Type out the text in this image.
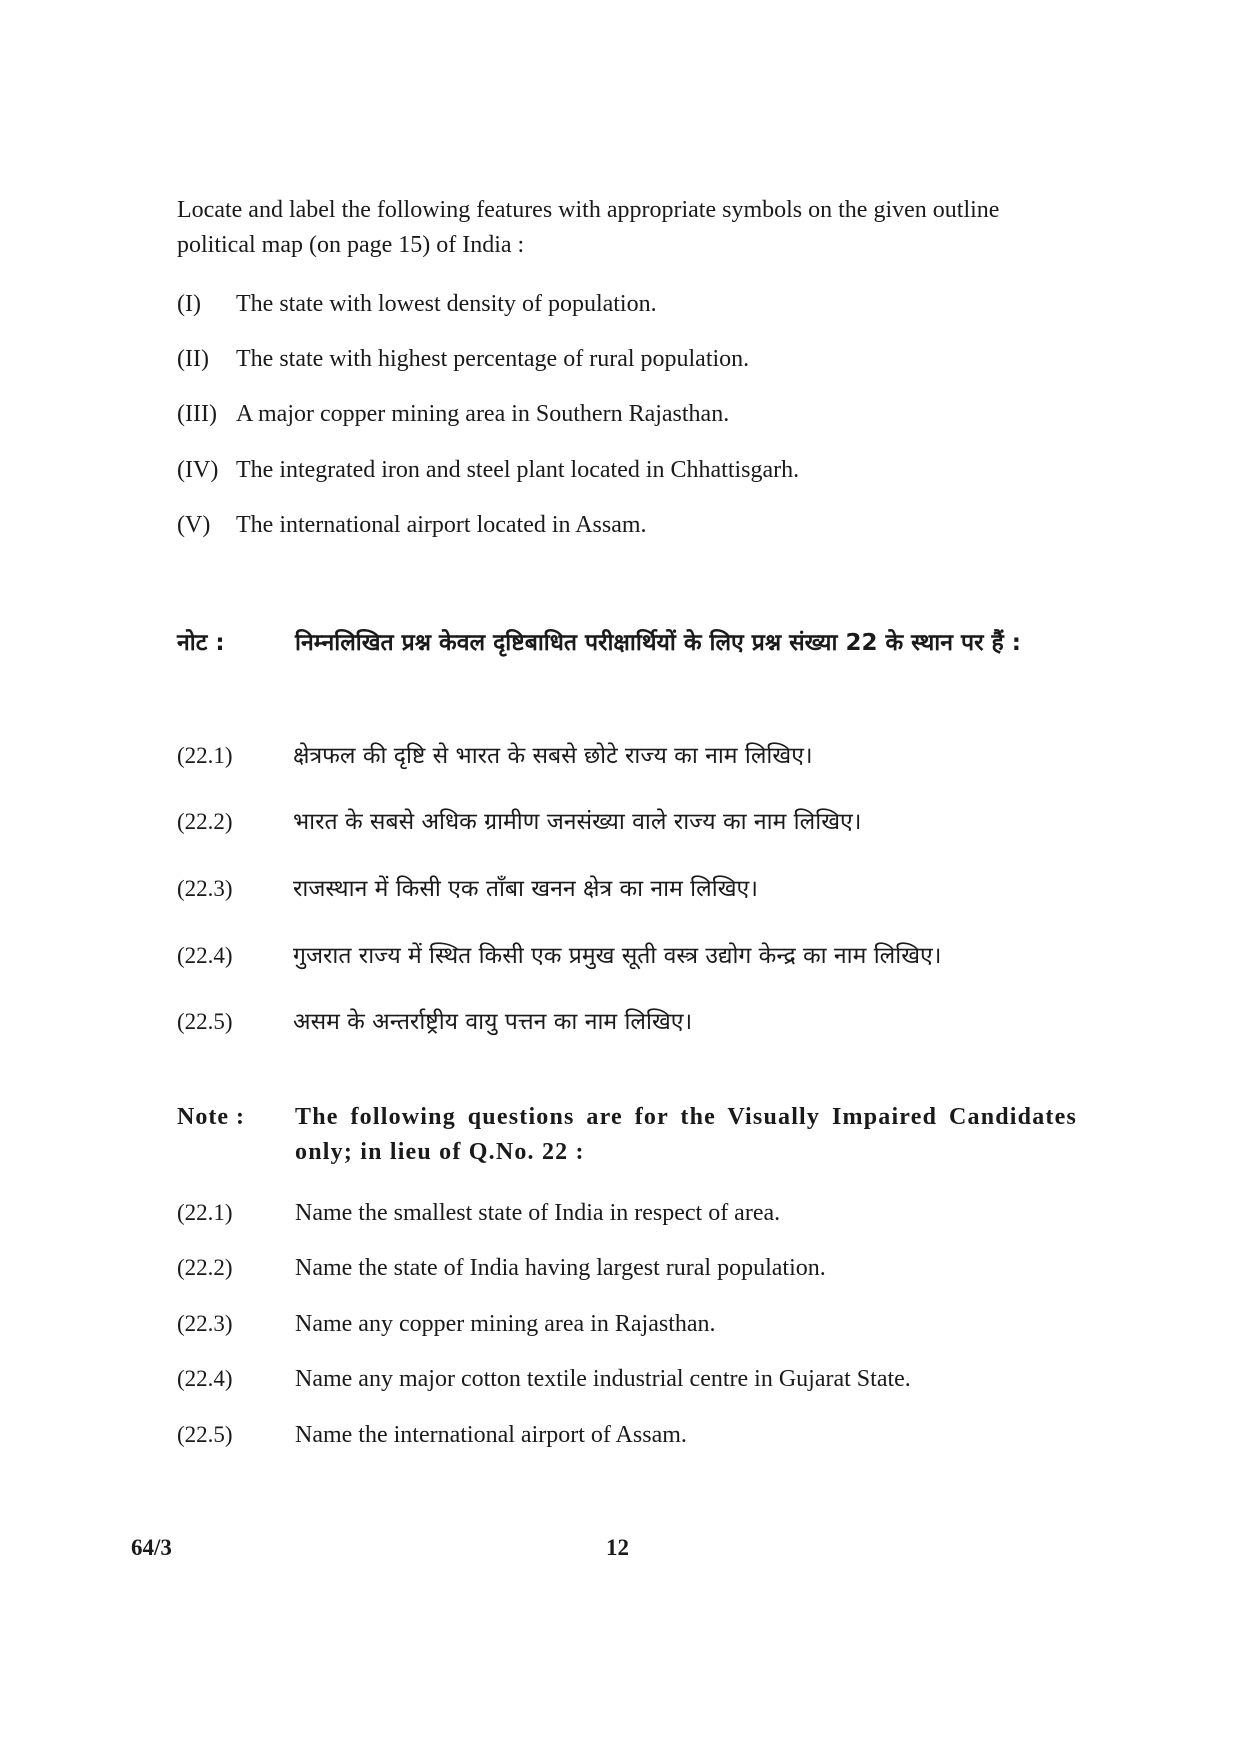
Locate and label the following features with appropriate symbols on the given outline political map (on page 15) of India :

(I) The state with lowest density of population.
(II) The state with highest percentage of rural population.
(III) A major copper mining area in Southern Rajasthan.
(IV) The integrated iron and steel plant located in Chhattisgarh.
(V) The international airport located in Assam.
नोट :	निम्नलिखित प्रश्न केवल दृष्टिबाधित परीक्षार्थियों के लिए प्रश्न संख्या 22 के स्थान पर हैं :

(22.1)	क्षेत्रफल की दृष्टि से भारत के सबसे छोटे राज्य का नाम लिखिए।
(22.2)	भारत के सबसे अधिक ग्रामीण जनसंख्या वाले राज्य का नाम लिखिए।
(22.3)	राजस्थान में किसी एक ताँबा खनन क्षेत्र का नाम लिखिए।
(22.4)	गुजरात राज्य में स्थित किसी एक प्रमुख सूती वस्त्र उद्योग केन्द्र का नाम लिखिए।
(22.5)	असम के अन्तर्राष्ट्रीय वायु पत्तन का नाम लिखिए।
Note : The following questions are for the Visually Impaired Candidates only; in lieu of Q.No. 22 :

(22.1)	Name the smallest state of India in respect of area.
(22.2)	Name the state of India having largest rural population.
(22.3)	Name any copper mining area in Rajasthan.
(22.4)	Name any major cotton textile industrial centre in Gujarat State.
(22.5)	Name the international airport of Assam.
64/3	12
